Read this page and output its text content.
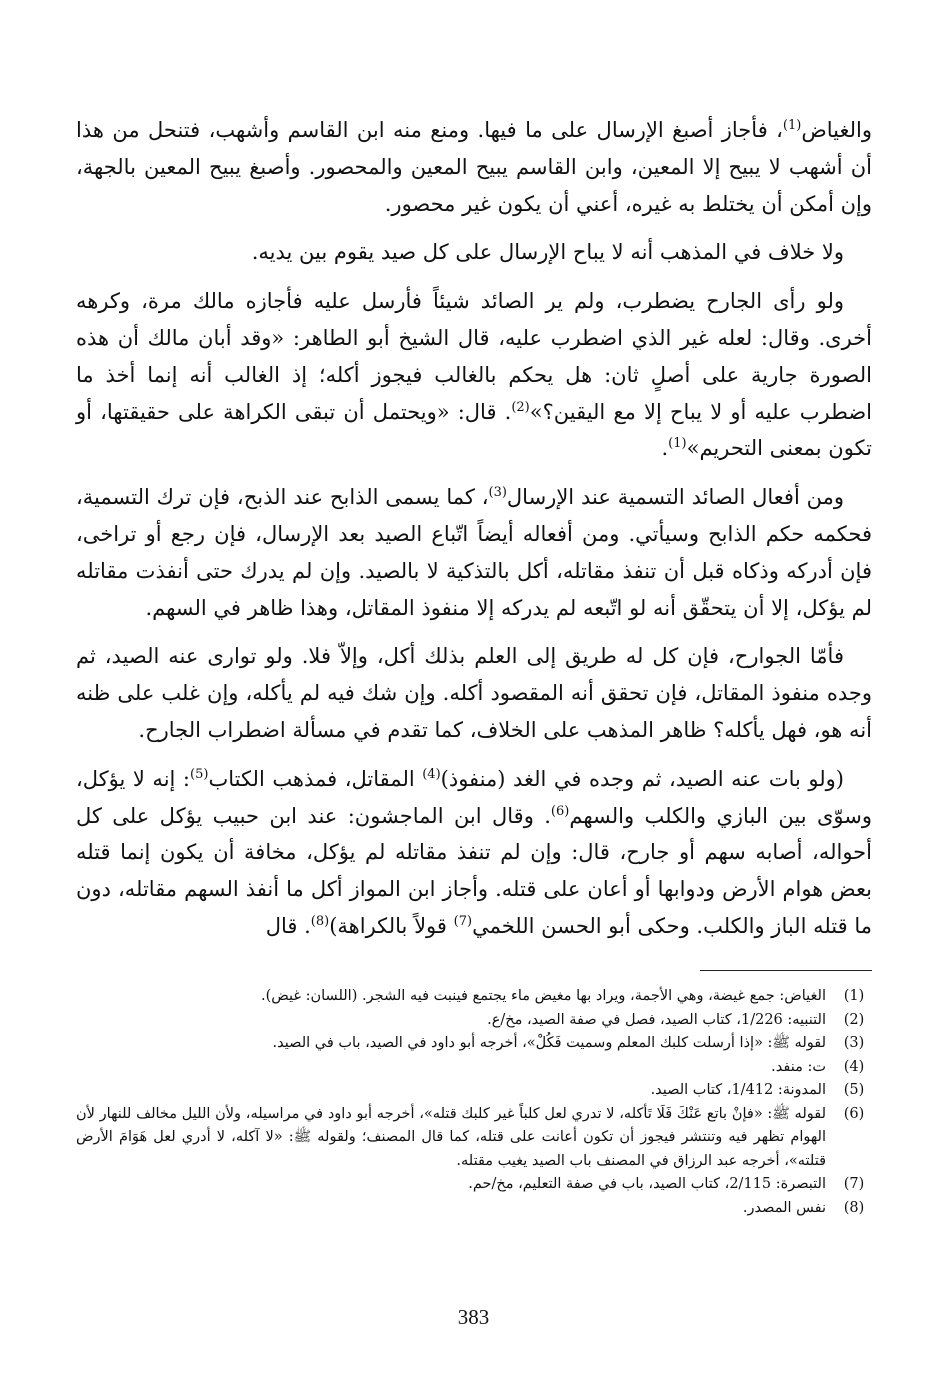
والغياض$^{(1)}$، فأجاز أصبغ الإرسال على ما فيها. ومنع منه ابن القاسم وأشهب، فتنحل من هذا أن أشهب لا يبيح إلا المعين، وابن القاسم يبيح المعين والمحصور. وأصبغ يبيح المعين بالجهة، وإن أمكن أن يختلط به غيره، أعني أن يكون غير محصور.

ولا خلاف في المذهب أنه لا يباح الإرسال على كل صيد يقوم بين يديه.

ولو رأى الجارح يضطرب، ولم ير الصائد شيئاً فأرسل عليه فأجازه مالك مرة، وكرهه أخرى. وقال: لعله غير الذي اضطرب عليه، قال الشيخ أبو الطاهر: «وقد أبان مالك أن هذه الصورة جارية على أصلٍ ثان: هل يحكم بالغالب فيجوز أكله؛ إذ الغالب أنه إنما أخذ ما اضطرب عليه أو لا يباح إلا مع اليقين؟»$^{(2)}$. قال: «ويحتمل أن تبقى الكراهة على حقيقتها، أو تكون بمعنى التحريم»$^{(1)}$.

ومن أفعال الصائد التسمية عند الإرسال$^{(3)}$، كما يسمى الذابح عند الذبح، فإن ترك التسمية، فحكمه حكم الذابح وسيأتي. ومن أفعاله أيضاً اتّباع الصيد بعد الإرسال، فإن رجع أو تراخى، فإن أدركه وذكاه قبل أن تنفذ مقاتله، أكل بالتذكية لا بالصيد. وإن لم يدرك حتى أنفذت مقاتله لم يؤكل، إلا أن يتحقّق أنه لو اتّبعه لم يدركه إلا منفوذ المقاتل، وهذا ظاهر في السهم.

فأمّا الجوارح، فإن كل له طريق إلى العلم بذلك أكل، وإلاّ فلا. ولو توارى عنه الصيد، ثم وجده منفوذ المقاتل، فإن تحقق أنه المقصود أكله. وإن شك فيه لم يأكله، وإن غلب على ظنه أنه هو، فهل يأكله؟ ظاهر المذهب على الخلاف، كما تقدم في مسألة اضطراب الجارح.

(ولو بات عنه الصيد، ثم وجده في الغد (منفوذ)$^{(4)}$ المقاتل، فمذهب الكتاب$^{(5)}$: إنه لا يؤكل، وسوّى بين البازي والكلب والسهم$^{(6)}$. وقال ابن الماجشون: عند ابن حبيب يؤكل على كل أحواله، أصابه سهم أو جارح، قال: وإن لم تنفذ مقاتله لم يؤكل، مخافة أن يكون إنما قتله بعض هوام الأرض ودوابها أو أعان على قتله. وأجاز ابن المواز أكل ما أنفذ السهم مقاتله، دون ما قتله الباز والكلب. وحكى أبو الحسن اللخمي$^{(7)}$ قولاً بالكراهة)$^{(8)}$. قال

(1)
الغياض: جمع غيضة، وهي الأجمة، ويراد بها مغيض ماء يجتمع فينبت فيه الشجر. (اللسان: غيض).
(2)
التنبيه: 1/226، كتاب الصيد، فصل في صفة الصيد، مخ/ع.
(3)
لقوله ﷺ: «إذا أرسلت كلبك المعلم وسميت فَكُلْ»، أخرجه أبو داود في الصيد، باب في الصيد.
(4)
ت: منفد.
(5)
المدونة: 1/412، كتاب الصيد.
(6)
لقوله ﷺ: «فإنْ باتع عَنْكَ فَلَا تَأكله، لا تدري لعل كلباً غير كلبك قتله»، أخرجه أبو داود في مراسيله، ولأن الليل مخالف للنهار لأن الهوام تظهر فيه وتنتشر فيجوز أن تكون أعانت على قتله، كما قال المصنف؛ ولقوله ﷺ: «لا آكله، لا أدري لعل هَوَامَ الأرض قتلته»، أخرجه عبد الرزاق في المصنف باب الصيد يغيب مقتله.
(7)
التبصرة: 2/115، كتاب الصيد، باب في صفة التعليم، مخ/حم.
(8)
نفس المصدر.
383
